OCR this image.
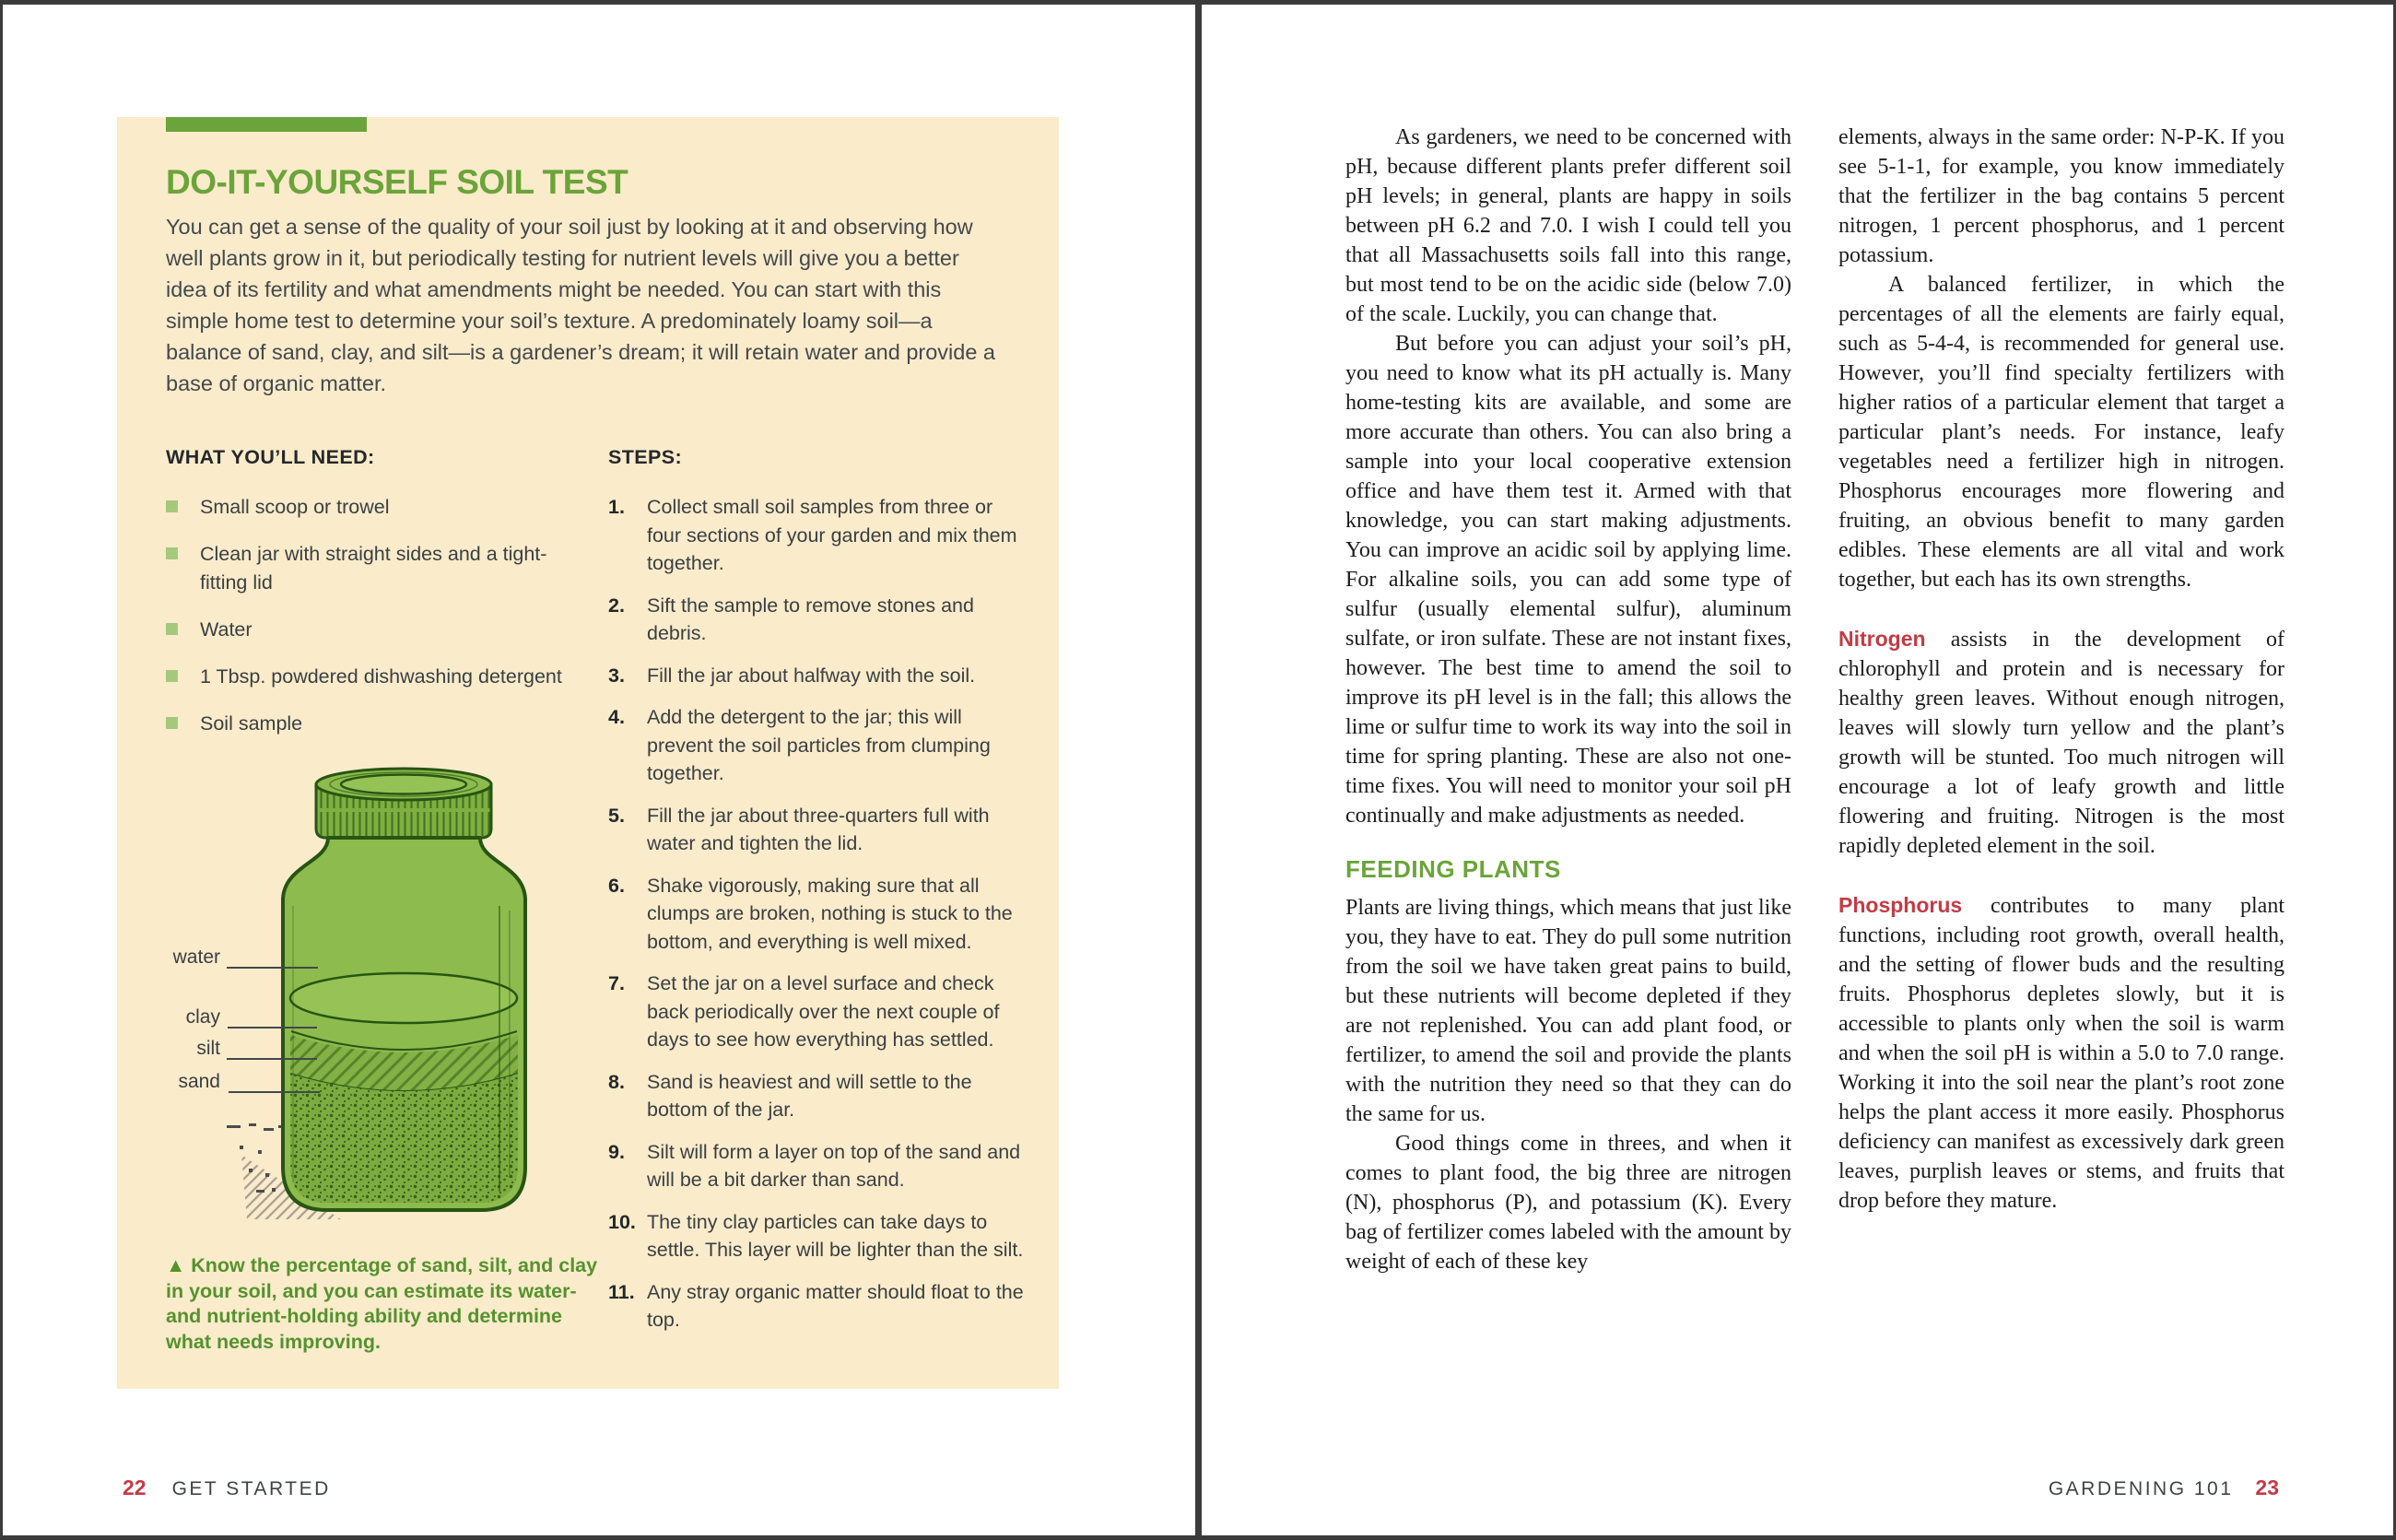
DO-IT-YOURSELF SOIL TEST

You can get a sense of the quality of your soil just by looking at it and observing how well plants grow in it, but periodically testing for nutrient levels will give you a better idea of its fertility and what amendments might be needed. You can start with this simple home test to determine your soil’s texture. A predominately loamy soil—a balance of sand, clay, and silt—is a gardener’s dream; it will retain water and provide a base of organic matter.

WHAT YOU’LL NEED:
Small scoop or trowel
Clean jar with straight sides and a tight-fitting lid
Water
1 Tbsp. powdered dishwashing detergent
Soil sample
STEPS:
1.	Collect small soil samples from three or four sections of your garden and mix them together.
2.	Sift the sample to remove stones and debris.
3.	Fill the jar about halfway with the soil.
4.	Add the detergent to the jar; this will prevent the soil particles from clumping together.
5.	Fill the jar about three-quarters full with water and tighten the lid.
6.	Shake vigorously, making sure that all clumps are broken, nothing is stuck to the bottom, and everything is well mixed.
7.	Set the jar on a level surface and check back periodically over the next couple of days to see how everything has settled.
8.	Sand is heaviest and will settle to the bottom of the jar.
9.	Silt will form a layer on top of the sand and will be a bit darker than sand.
10. The tiny clay particles can take days to settle. This layer will be lighter than the silt.
11. Any stray organic matter should float to the top.
water
clay
silt
sand

▲ Know the percentage of sand, silt, and clay in your soil, and you can estimate its water- and nutrient-holding ability and determine what needs improving.

22 GET STARTED

As gardeners, we need to be concerned with pH, because different plants prefer different soil pH levels; in general, plants are happy in soils between pH 6.2 and 7.0. I wish I could tell you that all Massachusetts soils fall into this range, but most tend to be on the acidic side (below 7.0) of the scale. Luckily, you can change that.

But before you can adjust your soil’s pH, you need to know what its pH actually is. Many home-testing kits are available, and some are more accurate than others. You can also bring a sample into your local cooperative extension office and have them test it. Armed with that knowledge, you can start making adjustments. You can improve an acidic soil by applying lime. For alkaline soils, you can add some type of sulfur (usually elemental sulfur), aluminum sulfate, or iron sulfate. These are not instant fixes, however. The best time to amend the soil to improve its pH level is in the fall; this allows the lime or sulfur time to work its way into the soil in time for spring planting. These are also not one-time fixes. You will need to monitor your soil pH continually and make adjustments as needed.

FEEDING PLANTS

Plants are living things, which means that just like you, they have to eat. They do pull some nutrition from the soil we have taken great pains to build, but these nutrients will become depleted if they are not replenished. You can add plant food, or fertilizer, to amend the soil and provide the plants with the nutrition they need so that they can do the same for us.

Good things come in threes, and when it comes to plant food, the big three are nitrogen (N), phosphorus (P), and potassium (K). Every bag of fertilizer comes labeled with the amount by weight of each of these key

elements, always in the same order: N-P-K. If you see 5-1-1, for example, you know immediately that the fertilizer in the bag contains 5 percent nitrogen, 1 percent phosphorus, and 1 percent potassium.

A balanced fertilizer, in which the percentages of all the elements are fairly equal, such as 5-4-4, is recommended for general use. However, you’ll find specialty fertilizers with higher ratios of a particular element that target a particular plant’s needs. For instance, leafy vegetables need a fertilizer high in nitrogen. Phosphorus encourages more flowering and fruiting, an obvious benefit to many garden edibles. These elements are all vital and work together, but each has its own strengths.

Nitrogen assists in the development of chlorophyll and protein and is necessary for healthy green leaves. Without enough nitrogen, leaves will slowly turn yellow and the plant’s growth will be stunted. Too much nitrogen will encourage a lot of leafy growth and little flowering and fruiting. Nitrogen is the most rapidly depleted element in the soil.

Phosphorus contributes to many plant functions, including root growth, overall health, and the setting of flower buds and the resulting fruits. Phosphorus depletes slowly, but it is accessible to plants only when the soil is warm and when the soil pH is within a 5.0 to 7.0 range. Working it into the soil near the plant’s root zone helps the plant access it more easily. Phosphorus deficiency can manifest as excessively dark green leaves, purplish leaves or stems, and fruits that drop before they mature.

GARDENING 101 23
